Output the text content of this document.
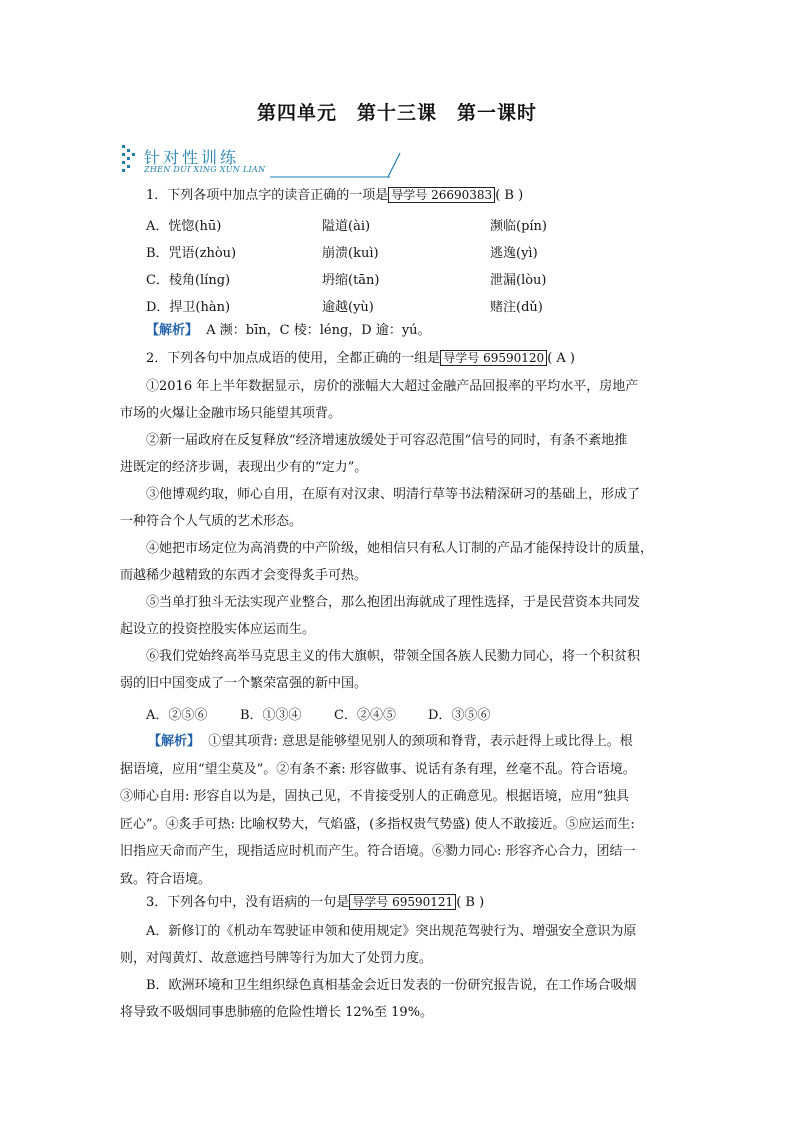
第四单元　第十三课　第一课时
针对性训练
ZHEN DUI XING XUN LIAN
1．下列各项中加点字的读音正确的一项是 导学号 26690383 ( B )
A．恍惚(hū)	隘道(ài)	濒临(pín)
B．咒语(zhòu)	崩溃(kuì)	逃逸(yì)
C．棱角(líng)	坍缩(tān)	泄漏(lòu)
D．捍卫(hàn)	逾越(yù)	赌注(dǔ)
【解析】 A 濒：bīn，C 棱：léng，D 逾：yú。
2．下列各句中加点成语的使用，全都正确的一组是 导学号 69590120 ( A )
①2016 年上半年数据显示，房价的涨幅大大超过金融产品回报率的平均水平，房地产
市场的火爆让金融市场只能望其项背。
②新一届政府在反复释放“经济增速放缓处于可容忍范围”信号的同时，有条不紊地推
进既定的经济步调，表现出少有的“定力”。
③他博观约取，师心自用，在原有对汉隶、明清行草等书法精深研习的基础上，形成了
一种符合个人气质的艺术形态。
④她把市场定位为高消费的中产阶级，她相信只有私人订制的产品才能保持设计的质量，
而越稀少越精致的东西才会变得炙手可热。
⑤当单打独斗无法实现产业整合，那么抱团出海就成了理性选择，于是民营资本共同发
起设立的投资控股实体应运而生。
⑥我们党始终高举马克思主义的伟大旗帜，带领全国各族人民勠力同心，将一个积贫积
弱的旧中国变成了一个繁荣富强的新中国。
A．②⑤⑥	B．①③④ C．②④⑤ D．③⑤⑥
【解析】 ①望其项背: 意思是能够望见别人的颈项和脊背，表示赶得上或比得上。根
据语境，应用“望尘莫及”。②有条不紊: 形容做事、说话有条有理，丝毫不乱。符合语境。
③师心自用: 形容自以为是，固执己见，不肯接受别人的正确意见。根据语境，应用“独具
匠心”。④炙手可热: 比喻权势大，气焰盛，(多指权贵气势盛) 使人不敢接近。⑤应运而生:
旧指应天命而产生，现指适应时机而产生。符合语境。⑥勠力同心: 形容齐心合力，团结一
致。符合语境。
3．下列各句中，没有语病的一句是 导学号 69590121 ( B )
A．新修订的《机动车驾驶证申领和使用规定》突出规范驾驶行为、增强安全意识为原
则，对闯黄灯、故意遮挡号牌等行为加大了处罚力度。
B．欧洲环境和卫生组织绿色真相基金会近日发表的一份研究报告说，在工作场合吸烟
将导致不吸烟同事患肺癌的危险性增长 12%至 19%。
